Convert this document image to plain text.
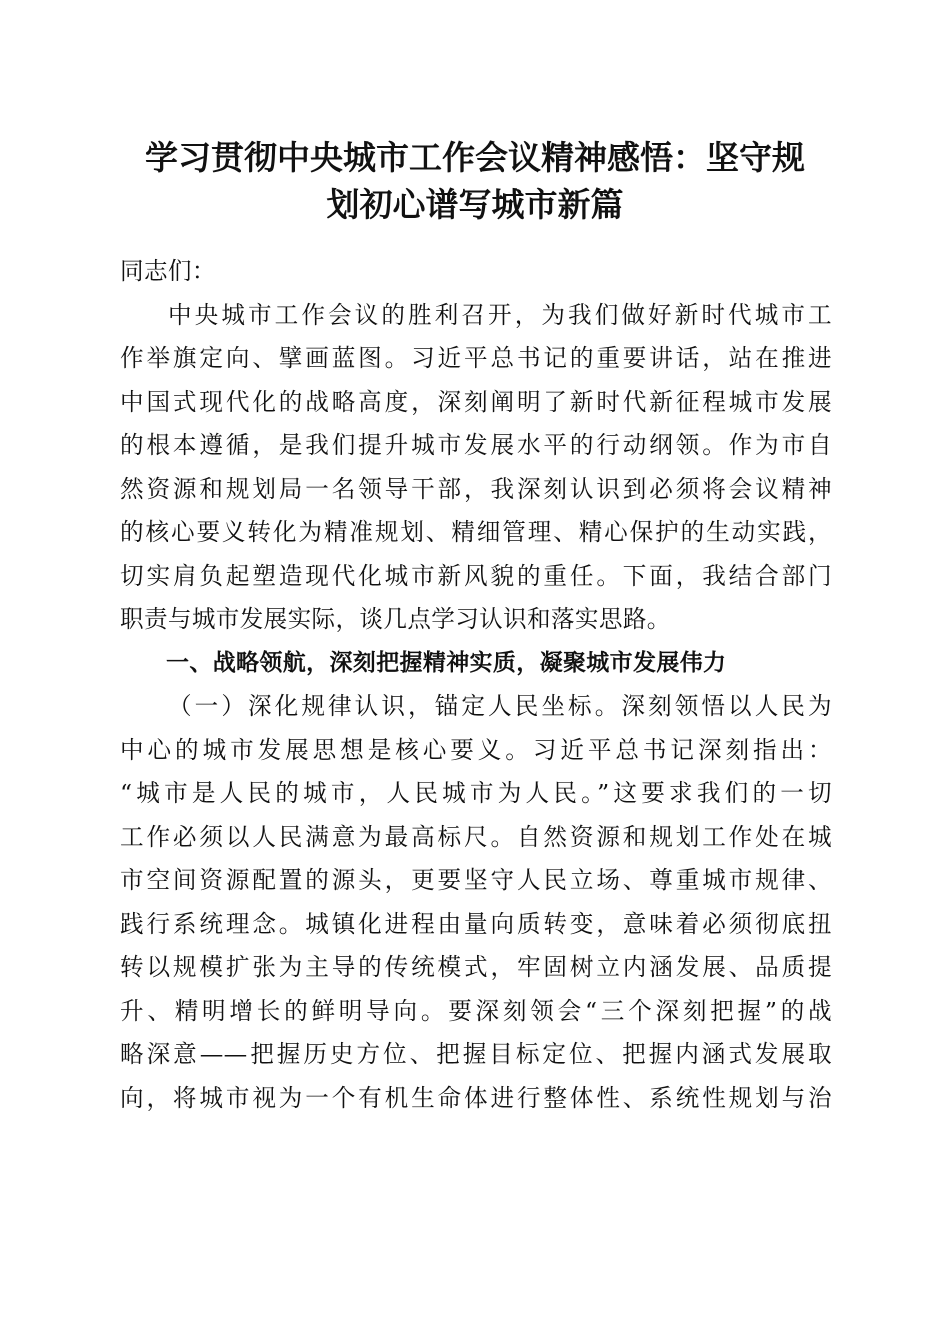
学习贯彻中央城市工作会议精神感悟：坚守规
划初心谱写城市新篇
同志们：
中央城市工作会议的胜利召开，为我们做好新时代城市工
作举旗定向、擘画蓝图。习近平总书记的重要讲话，站在推进
中国式现代化的战略高度，深刻阐明了新时代新征程城市发展
的根本遵循，是我们提升城市发展水平的行动纲领。作为市自
然资源和规划局一名领导干部，我深刻认识到必须将会议精神
的核心要义转化为精准规划、精细管理、精心保护的生动实践，
切实肩负起塑造现代化城市新风貌的重任。下面，我结合部门
职责与城市发展实际，谈几点学习认识和落实思路。
一、战略领航，深刻把握精神实质，凝聚城市发展伟力
（一）深化规律认识，锚定人民坐标。深刻领悟以人民为
中心的城市发展思想是核心要义。习近平总书记深刻指出：
“城市是人民的城市，人民城市为人民。”这要求我们的一切
工作必须以人民满意为最高标尺。自然资源和规划工作处在城
市空间资源配置的源头，更要坚守人民立场、尊重城市规律、
践行系统理念。城镇化进程由量向质转变，意味着必须彻底扭
转以规模扩张为主导的传统模式，牢固树立内涵发展、品质提
升、精明增长的鲜明导向。要深刻领会“三个深刻把握”的战
略深意——把握历史方位、把握目标定位、把握内涵式发展取
向，将城市视为一个有机生命体进行整体性、系统性规划与治
